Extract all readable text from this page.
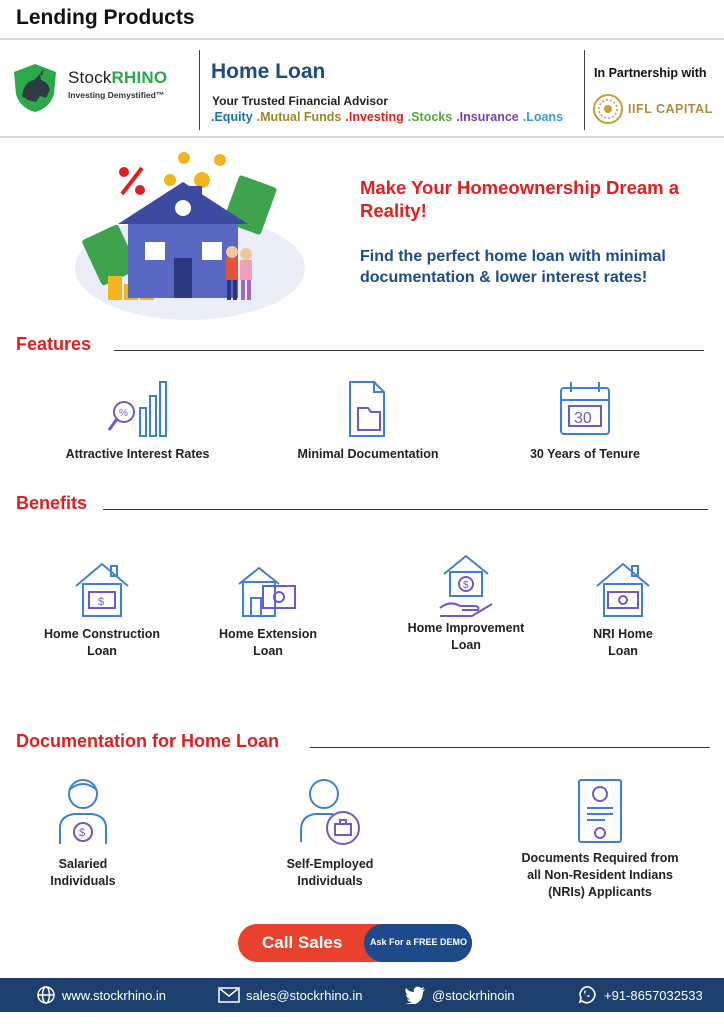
Lending Products
StockRHINO
Investing Demystified™
Home Loan
Your Trusted Financial Advisor
.Equity .Mutual Funds .Investing .Stocks .Insurance .Loans
In Partnership with
IIFL CAPITAL
Make Your Homeownership Dream a Reality!
Find the perfect home loan with minimal documentation & lower interest rates!
Features
%
Attractive Interest Rates	Minimal Documentation
30
30 Years of Tenure
Benefits
$
Home Construction
Loan
Home Extension
Loan
$
Home Improvement
Loan
NRI Home
Loan
Documentation for Home Loan
$
Salaried
Individuals
Self-Employed
Individuals
Documents Required from
all Non-Resident Indians
(NRIs) Applicants
Call Sales	Ask For a FREE DEMO
www.stockrhino.in	sales@stockrhino.in	@stockrhinoin	+91-8657032533
